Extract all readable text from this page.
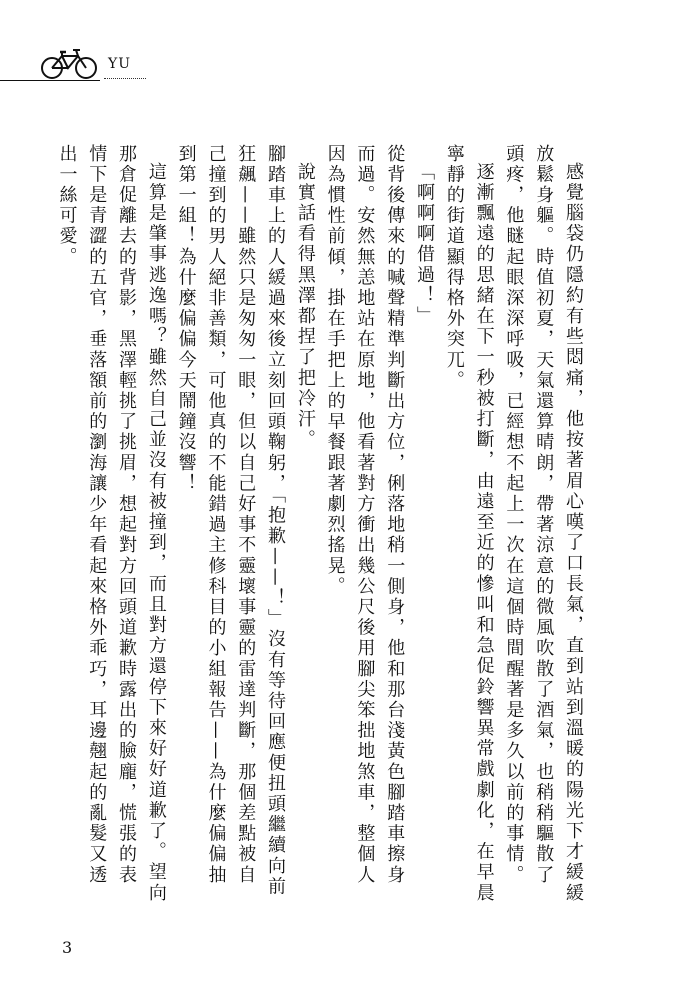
YU

感覺腦袋仍隱約有些悶痛，他按著眉心嘆了口長氣，直到站到溫暖的陽光下才緩緩放鬆身軀。時值初夏，天氣還算晴朗，帶著涼意的微風吹散了酒氣，也稍稍驅散了頭疼，他瞇起眼深深呼吸，已經想不起上一次在這個時間醒著是多久以前的事情。

逐漸飄遠的思緒在下一秒被打斷，由遠至近的慘叫和急促鈴響異常戲劇化，在早晨寧靜的街道顯得格外突兀。

「啊啊啊借過！」

從背後傳來的喊聲精準判斷出方位，俐落地稍一側身，他和那台淺黃色腳踏車擦身而過。安然無恙地站在原地，他看著對方衝出幾公尺後用腳尖笨拙地煞車，整個人因為慣性前傾，掛在手把上的早餐跟著劇烈搖晃。

說實話看得黑澤都捏了把冷汗。

腳踏車上的人緩過來後立刻回頭鞠躬，「抱歉——！」沒有等待回應便扭頭繼續向前狂飆——雖然只是匆匆一眼，但以自己好事不靈壞事靈的雷達判斷，那個差點被自己撞到的男人絕非善類，可他真的不能錯過主修科目的小組報告——為什麼偏偏抽到第一組！為什麼偏偏今天鬧鐘沒響！

這算是肇事逃逸嗎？雖然自己並沒有被撞到，而且對方還停下來好好道歉了。望向那倉促離去的背影，黑澤輕挑了挑眉，想起對方回頭道歉時露出的臉龐，慌張的表情下是青澀的五官，垂落額前的瀏海讓少年看起來格外乖巧，耳邊翹起的亂髮又透出一絲可愛。

3
